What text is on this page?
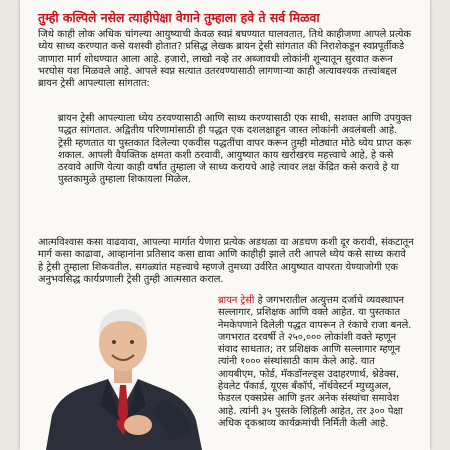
तुम्ही कल्पिले नसेल त्याहीपेक्षा वेगाने तुम्हाला हवे ते सर्व मिळवा

जिथे काही लोक अधिक चांगल्या आयुष्याची केवळ स्वप्नं बघण्यात घालवतात, तिथे काहीजणा आपले प्रत्येक ध्येय साध्य करण्यात कसे यशस्वी होतात? प्रसिद्ध लेखक ब्रायन ट्रेसी सांगतात की निराशेकडून स्वप्नपूर्तीकडे जाणारा मार्ग शोधण्यात आला आहे. हजारो, लाखो नव्हे तर अब्जावधी लोकांनी शून्यातून सुरवात करून भरघोस यश मिळवले आहे. आपले स्वप्न सत्यात उतरवण्यासाठी लागणाऱ्या काही अत्यावश्यक तत्त्वांबद्दल ब्रायन ट्रेसी आपल्याला सांगतात:

ब्रायन ट्रेसी आपल्याला ध्येय ठरवण्यासाठी आणि साध्य करण्यासाठी एक साधी, सशक्त आणि उपयुक्त पद्धत सांगतात. अद्वितीय परिणामांसाठी ही पद्धत एक दशलक्षाहून जास्त लोकांनी अवलंबली आहे. ट्रेसी म्हणतात या पुस्तकात दिलेल्या एकवीस पद्धतींचा वापर करून तुम्ही मोठ्यात मोठे ध्येय प्राप्त करू शकाल. आपली वैयक्तिक क्षमता कशी ठरवावी, आयुष्यात काय खरोखरच महत्त्वाचे आहे, हे कसे ठरवावे आणि येत्या काही वर्षांत तुम्हाला जे साध्य करायचे आहे त्यावर लक्ष केंद्रित कसे करावे हे या पुस्तकामुळे तुम्हाला शिकायला मिळेल.

आत्मविश्वास कसा वाढवावा, आपल्या मार्गात येणारा प्रत्येक अडथळा वा अडचण कशी दूर करावी, संकटातून मार्ग कसा काढावा, आव्हानांना प्रतिसाद कसा द्यावा आणि काहीही झाले तरी आपले ध्येय कसे साध्य करावे हे ट्रेसी तुम्हाला शिकवतील. सगळ्यांत महत्त्वाचे म्हणजे तुमच्या उर्वरित आयुष्यात वापरता येण्याजोगी एक अनुभवसिद्ध कार्यप्रणाली ट्रेसी तुम्ही आत्मसात कराल.

ब्रायन ट्रेसी हे जगभरातील अत्युत्तम दर्जाचे व्यवस्थापन सल्लागार, प्रशिक्षक आणि वक्ते आहेत. या पुस्तकात नेमकेपणाने दिलेली पद्धत वापरून ते रंकाचे राजा बनले. जगभरात दरवर्षी ते २५०,००० लोकांशी वक्ते म्हणून संवाद साधतात; तर प्रशिक्षक आणि सल्लागार म्हणून त्यांनी १००० संस्थांसाठी काम केले आहे. यात आयबीएम, फोर्ड, मॅकडॉनल्ड्स उदाहरणार्थ, श्नेडेक्स, हेवलेट पॅकार्ड, यूएस बँकॉर्प, नॉर्थवेस्टर्न म्युच्युअल, फेडरल एक्सप्रेस आणि इतर अनेक संस्थांचा समावेश आहे. त्यांनी ३५ पुस्तके लिहिली आहेत, तर ३०० पेक्षा अधिक दृकश्राव्य कार्यक्रमांची निर्मिती केली आहे.
